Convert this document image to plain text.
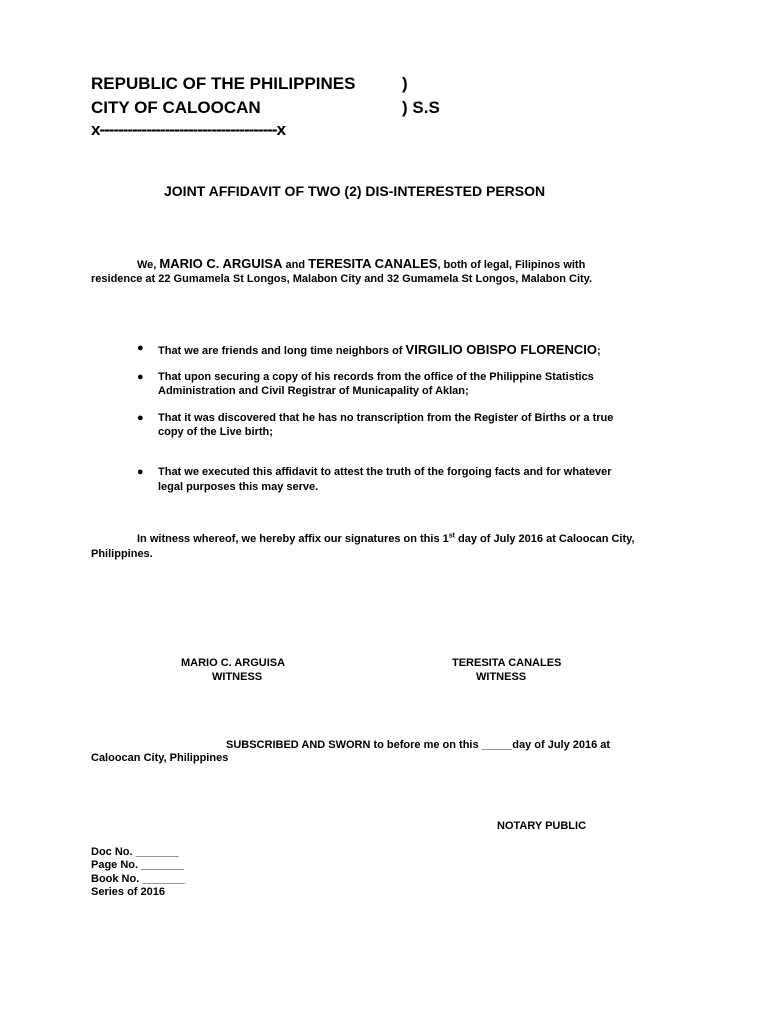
REPUBLIC OF THE PHILIPPINES	)
CITY OF CALOOCAN	) S.S
x--------------------------------------x
JOINT AFFIDAVIT OF TWO (2) DIS-INTERESTED PERSON
We, MARIO C. ARGUISA and TERESITA CANALES, both of legal, Filipinos with
residence at 22 Gumamela St Longos, Malabon City and 32 Gumamela St Longos, Malabon City.
● That we are friends and long time neighbors of VIRGILIO OBISPO FLORENCIO;
● That upon securing a copy of his records from the office of the Philippine Statistics
Administration and Civil Registrar of Municapality of Aklan;
● That it was discovered that he has no transcription from the Register of Births or a true
copy of the Live birth;
● That we executed this affidavit to attest the truth of the forgoing facts and for whatever
legal purposes this may serve.
In witness whereof, we hereby affix our signatures on this 1st day of July 2016 at Caloocan City,
Philippines.
MARIO C. ARGUISA
WITNESS
TERESITA CANALES
WITNESS
SUBSCRIBED AND SWORN to before me on this _____day of July 2016 at
Caloocan City, Philippines
NOTARY PUBLIC
Doc No. _______
Page No. _______
Book No. _______
Series of 2016
